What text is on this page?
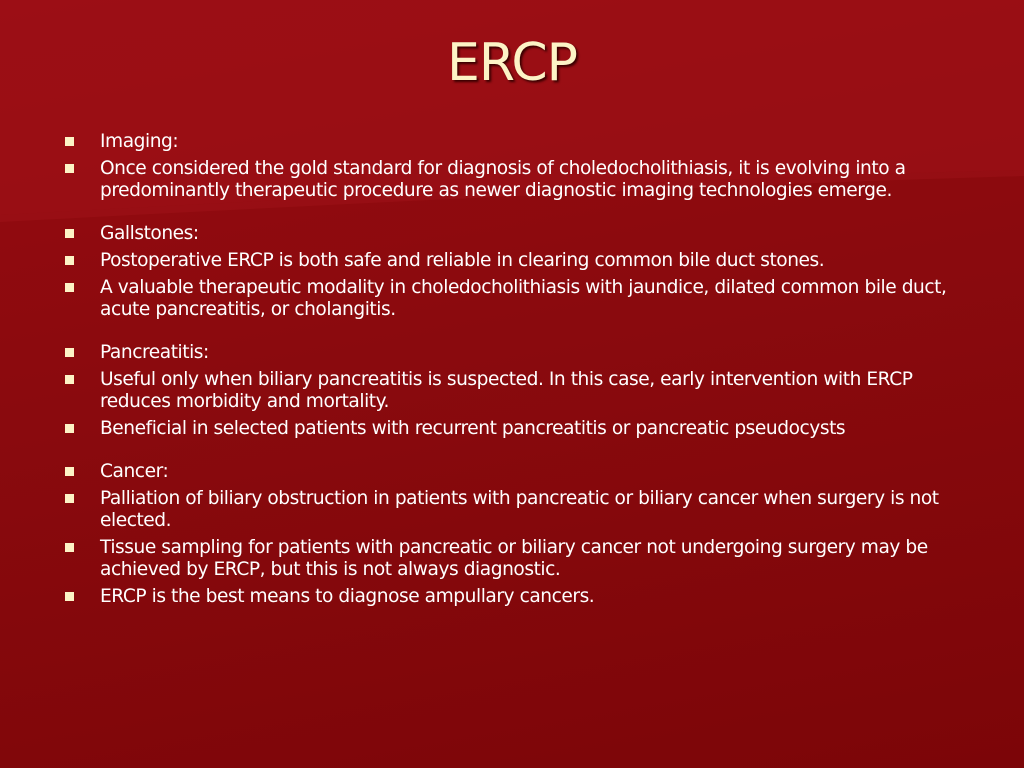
ERCP
Imaging:
Once considered the gold standard for diagnosis of choledocholithiasis, it is evolving into a predominantly therapeutic procedure as newer diagnostic imaging technologies emerge.
Gallstones:
Postoperative ERCP is both safe and reliable in clearing common bile duct stones.
A valuable therapeutic modality in choledocholithiasis with jaundice, dilated common bile duct, acute pancreatitis, or cholangitis.
Pancreatitis:
Useful only when biliary pancreatitis is suspected. In this case, early intervention with ERCP reduces morbidity and mortality.
Beneficial in selected patients with recurrent pancreatitis or pancreatic pseudocysts
Cancer:
Palliation of biliary obstruction in patients with pancreatic or biliary cancer when surgery is not elected.
Tissue sampling for patients with pancreatic or biliary cancer not undergoing surgery may be achieved by ERCP, but this is not always diagnostic.
ERCP is the best means to diagnose ampullary cancers.
